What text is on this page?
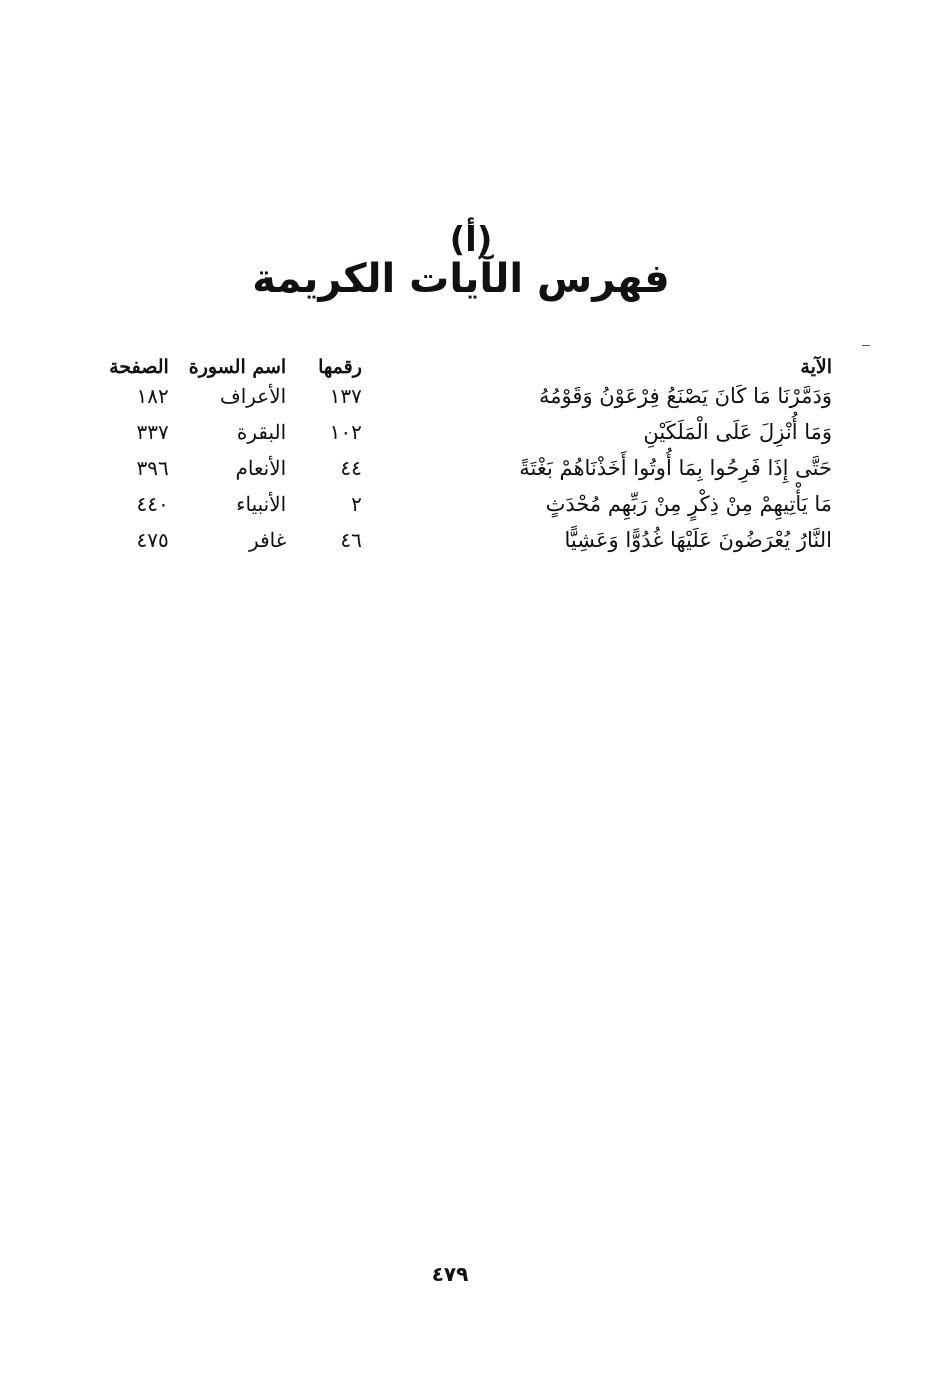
(أ)
فهرس الآيات الكريمة
الآية		رقمها	اسم السورة	الصفحة
وَدَمَّرْنَا مَا كَانَ يَصْنَعُ فِرْعَوْنُ وَقَوْمُهُ		١٣٧	الأعراف	١٨٢
وَمَا أُنْزِلَ عَلَى الْمَلَكَيْنِ		١٠٢	البقرة	٣٣٧
حَتَّى إِذَا فَرِحُوا بِمَا أُوتُوا أَخَذْنَاهُمْ بَغْتَةً		٤٤	الأنعام	٣٩٦
مَا يَأْتِيهِمْ مِنْ ذِكْرٍ مِنْ رَبِّهِم مُحْدَثٍ		٢	الأنبياء	٤٤٠
النَّارُ يُعْرَضُونَ عَلَيْهَا غُدُوًّا وَعَشِيًّا		٤٦	غافر	٤٧٥
٤٧٩
